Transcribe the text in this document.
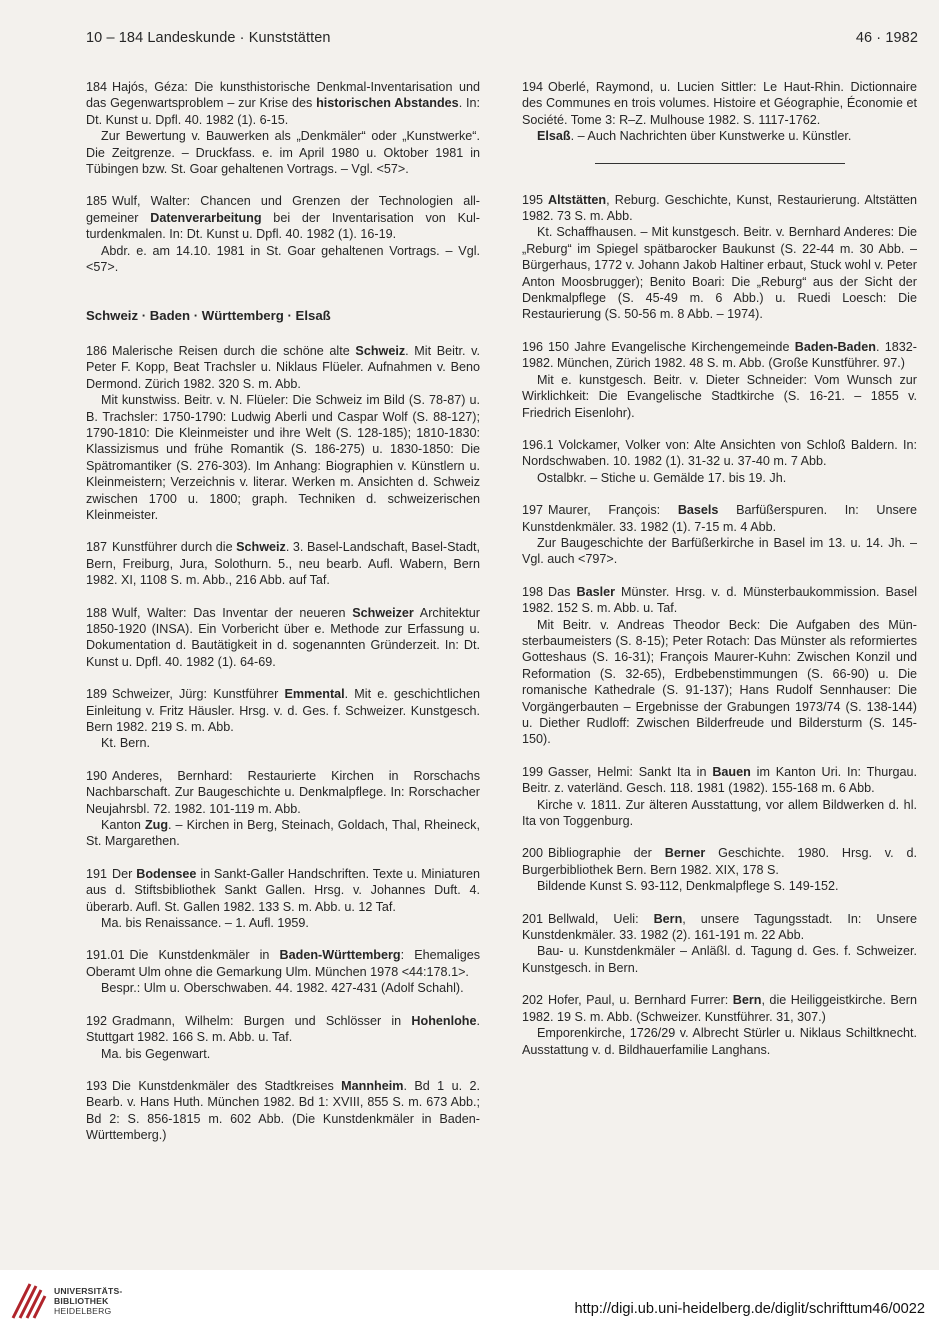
10 – 184 Landeskunde · Kunststätten	46 · 1982

184 Hajós, Géza: Die kunsthistorische Denkmal-Inventarisation und das Gegenwartsproblem – zur Krise des historischen Abstandes. In: Dt. Kunst u. Dpfl. 40. 1982 (1). 6-15.

Zur Bewertung v. Bauwerken als „Denkmäler“ oder „Kunstwerke“. Die Zeitgrenze. – Druckfass. e. im April 1980 u. Oktober 1981 in Tübingen bzw. St. Goar gehaltenen Vortrags. – Vgl. <57>.

185 Wulf, Walter: Chancen und Grenzen der Technologien allgemeiner Datenverarbeitung bei der Inventarisation von Kulturdenkmalen. In: Dt. Kunst u. Dpfl. 40. 1982 (1). 16-19.

Abdr. e. am 14.10. 1981 in St. Goar gehaltenen Vortrags. – Vgl. <57>.

Schweiz · Baden · Württemberg · Elsaß

186 Malerische Reisen durch die schöne alte Schweiz. Mit Beitr. v. Peter F. Kopp, Beat Trachsler u. Niklaus Flüeler. Aufnahmen v. Beno Dermond. Zürich 1982. 320 S. m. Abb.

Mit kunstwiss. Beitr. v. N. Flüeler: Die Schweiz im Bild (S. 78-87) u. B. Trachsler: 1750-1790: Ludwig Aberli und Caspar Wolf (S. 88-127); 1790-1810: Die Kleinmeister und ihre Welt (S. 128-185); 1810-1830: Klassizismus und frühe Romantik (S. 186-275) u. 1830-1850: Die Spätromantiker (S. 276-303). Im Anhang: Biographien v. Künstlern u. Kleinmeistern; Verzeichnis v. literar. Werken m. Ansichten d. Schweiz zwischen 1700 u. 1800; graph. Techniken d. schweizerischen Kleinmeister.

187 Kunstführer durch die Schweiz. 3. Basel-Landschaft, Basel-Stadt, Bern, Freiburg, Jura, Solothurn. 5., neu bearb. Aufl. Wabern, Bern 1982. XI, 1108 S. m. Abb., 216 Abb. auf Taf.

188 Wulf, Walter: Das Inventar der neueren Schweizer Architektur 1850-1920 (INSA). Ein Vorbericht über e. Methode zur Erfassung u. Dokumentation d. Bautätigkeit in d. sogenannten Gründerzeit. In: Dt. Kunst u. Dpfl. 40. 1982 (1). 64-69.

189 Schweizer, Jürg: Kunstführer Emmental. Mit e. geschichtlichen Einleitung v. Fritz Häusler. Hrsg. v. d. Ges. f. Schweizer. Kunstgesch. Bern 1982. 219 S. m. Abb.

Kt. Bern.

190 Anderes, Bernhard: Restaurierte Kirchen in Rorschachs Nachbarschaft. Zur Baugeschichte u. Denkmalpflege. In: Rorschacher Neujahrsbl. 72. 1982. 101-119 m. Abb.

Kanton Zug. – Kirchen in Berg, Steinach, Goldach, Thal, Rheineck, St. Margarethen.

191 Der Bodensee in Sankt-Galler Handschriften. Texte u. Miniaturen aus d. Stiftsbibliothek Sankt Gallen. Hrsg. v. Johannes Duft. 4. überarb. Aufl. St. Gallen 1982. 133 S. m. Abb. u. 12 Taf.

Ma. bis Renaissance. – 1. Aufl. 1959.

191.01 Die Kunstdenkmäler in Baden-Württemberg: Ehemaliges Oberamt Ulm ohne die Gemarkung Ulm. München 1978 <44:178.1>.

Bespr.: Ulm u. Oberschwaben. 44. 1982. 427-431 (Adolf Schahl).

192 Gradmann, Wilhelm: Burgen und Schlösser in Hohenlohe. Stuttgart 1982. 166 S. m. Abb. u. Taf.

Ma. bis Gegenwart.

193 Die Kunstdenkmäler des Stadtkreises Mannheim. Bd 1 u. 2. Bearb. v. Hans Huth. München 1982. Bd 1: XVIII, 855 S. m. 673 Abb.; Bd 2: S. 856-1815 m. 602 Abb. (Die Kunstdenkmäler in Baden-Württemberg.)

194 Oberlé, Raymond, u. Lucien Sittler: Le Haut-Rhin. Dictionnaire des Communes en trois volumes. Histoire et Géographie, Économie et Société. Tome 3: R–Z. Mulhouse 1982. S. 1117-1762.

Elsaß. – Auch Nachrichten über Kunstwerke u. Künstler.

195 Altstätten, Reburg. Geschichte, Kunst, Restaurierung. Altstätten 1982. 73 S. m. Abb.

Kt. Schaffhausen. – Mit kunstgesch. Beitr. v. Bernhard Anderes: Die „Reburg“ im Spiegel spätbarocker Baukunst (S. 22-44 m. 30 Abb. – Bürgerhaus, 1772 v. Johann Jakob Haltiner erbaut, Stuck wohl v. Peter Anton Moosbrugger); Benito Boari: Die „Reburg“ aus der Sicht der Denkmalpflege (S. 45-49 m. 6 Abb.) u. Ruedi Loesch: Die Restaurierung (S. 50-56 m. 8 Abb. – 1974).

196 150 Jahre Evangelische Kirchengemeinde Baden-Baden. 1832-1982. München, Zürich 1982. 48 S. m. Abb. (Große Kunstführer. 97.)

Mit e. kunstgesch. Beitr. v. Dieter Schneider: Vom Wunsch zur Wirklichkeit: Die Evangelische Stadtkirche (S. 16-21. – 1855 v. Friedrich Eisenlohr).

196.1 Volckamer, Volker von: Alte Ansichten von Schloß Baldern. In: Nordschwaben. 10. 1982 (1). 31-32 u. 37-40 m. 7 Abb.

Ostalbkr. – Stiche u. Gemälde 17. bis 19. Jh.

197 Maurer, François: Basels Barfüßerspuren. In: Unsere Kunstdenkmäler. 33. 1982 (1). 7-15 m. 4 Abb.

Zur Baugeschichte der Barfüßerkirche in Basel im 13. u. 14. Jh. – Vgl. auch <797>.

198 Das Basler Münster. Hrsg. v. d. Münsterbaukommission. Basel 1982. 152 S. m. Abb. u. Taf.

Mit Beitr. v. Andreas Theodor Beck: Die Aufgaben des Münsterbaumeisters (S. 8-15); Peter Rotach: Das Münster als reformiertes Gotteshaus (S. 16-31); François Maurer-Kuhn: Zwischen Konzil und Reformation (S. 32-65), Erdbebenstimmungen (S. 66-90) u. Die romanische Kathedrale (S. 91-137); Hans Rudolf Sennhauser: Die Vorgängerbauten – Ergebnisse der Grabungen 1973/74 (S. 138-144) u. Diether Rudloff: Zwischen Bilderfreude und Bildersturm (S. 145-150).

199 Gasser, Helmi: Sankt Ita in Bauen im Kanton Uri. In: Thurgau. Beitr. z. vaterländ. Gesch. 118. 1981 (1982). 155-168 m. 6 Abb.

Kirche v. 1811. Zur älteren Ausstattung, vor allem Bildwerken d. hl. Ita von Toggenburg.

200 Bibliographie der Berner Geschichte. 1980. Hrsg. v. d. Burgerbibliothek Bern. Bern 1982. XIX, 178 S.

Bildende Kunst S. 93-112, Denkmalpflege S. 149-152.

201 Bellwald, Ueli: Bern, unsere Tagungsstadt. In: Unsere Kunstdenkmäler. 33. 1982 (2). 161-191 m. 22 Abb.

Bau- u. Kunstdenkmäler – Anläßl. d. Tagung d. Ges. f. Schweizer. Kunstgesch. in Bern.

202 Hofer, Paul, u. Bernhard Furrer: Bern, die Heiliggeistkirche. Bern 1982. 19 S. m. Abb. (Schweizer. Kunstführer. 31, 307.)

Emporenkirche, 1726/29 v. Albrecht Stürler u. Niklaus Schiltknecht. Ausstattung v. d. Bildhauerfamilie Langhans.

UNIVERSITÄTS-
BIBLIOTHEK
HEIDELBERG	http://digi.ub.uni-heidelberg.de/diglit/schrifttum46/0022
